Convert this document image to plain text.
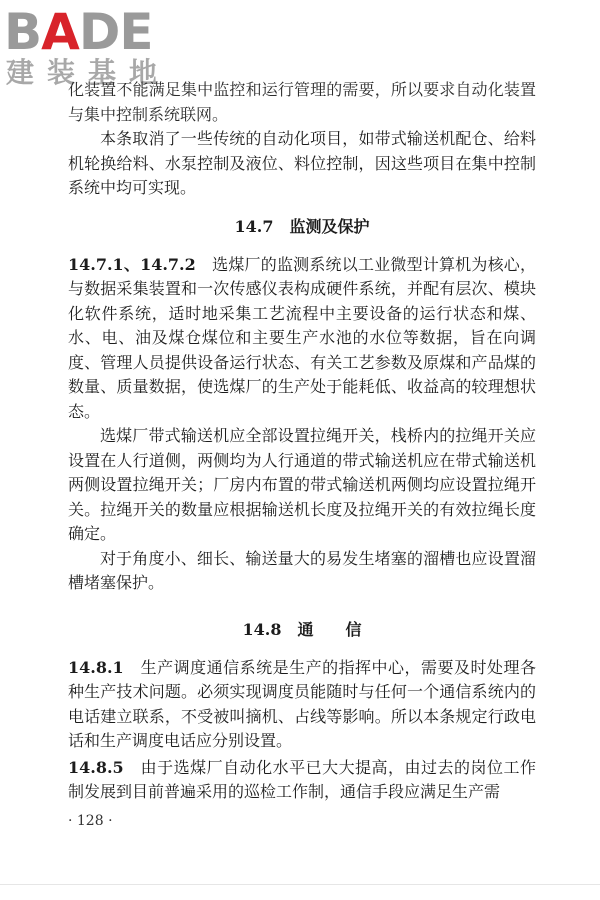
BADE
建装基地

化装置不能满足集中监控和运行管理的需要，所以要求自动化装置与集中控制系统联网。

本条取消了一些传统的自动化项目，如带式输送机配仓、给料机轮换给料、水泵控制及液位、料位控制，因这些项目在集中控制系统中均可实现。

14.7　监测及保护

14.7.1、14.7.2　选煤厂的监测系统以工业微型计算机为核心，与数据采集装置和一次传感仪表构成硬件系统，并配有层次、模块化软件系统，适时地采集工艺流程中主要设备的运行状态和煤、水、电、油及煤仓煤位和主要生产水池的水位等数据，旨在向调度、管理人员提供设备运行状态、有关工艺参数及原煤和产品煤的数量、质量数据，使选煤厂的生产处于能耗低、收益高的较理想状态。

选煤厂带式输送机应全部设置拉绳开关，栈桥内的拉绳开关应设置在人行道侧，两侧均为人行通道的带式输送机应在带式输送机两侧设置拉绳开关；厂房内布置的带式输送机两侧均应设置拉绳开关。拉绳开关的数量应根据输送机长度及拉绳开关的有效拉绳长度确定。

对于角度小、细长、输送量大的易发生堵塞的溜槽也应设置溜槽堵塞保护。

14.8　通　　信

14.8.1　生产调度通信系统是生产的指挥中心，需要及时处理各种生产技术问题。必须实现调度员能随时与任何一个通信系统内的电话建立联系，不受被叫摘机、占线等影响。所以本条规定行政电话和生产调度电话应分别设置。

14.8.5　由于选煤厂自动化水平已大大提高，由过去的岗位工作制发展到目前普遍采用的巡检工作制，通信手段应满足生产需

· 128 ·
